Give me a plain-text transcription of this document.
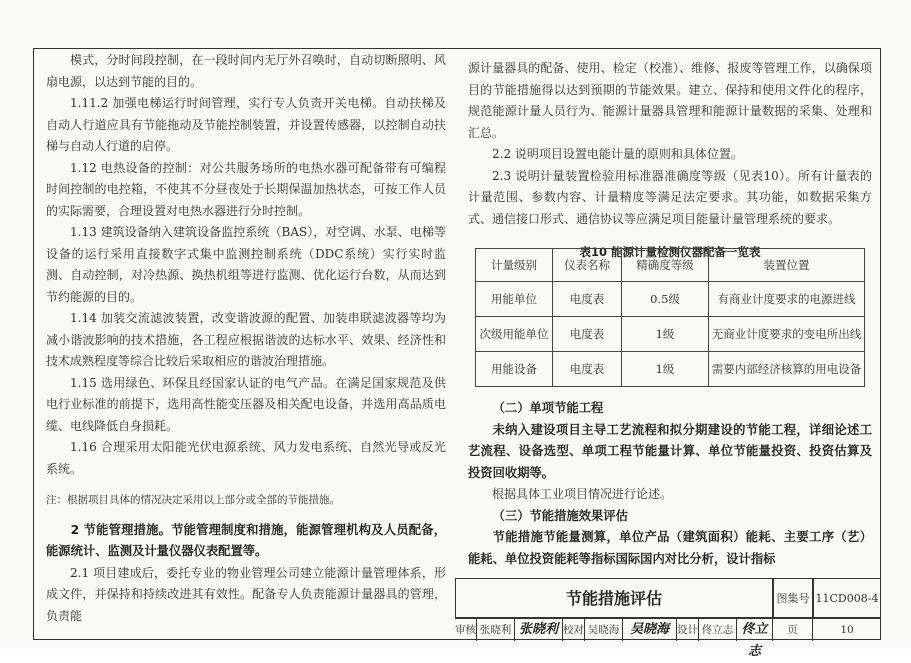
模式，分时间段控制，在一段时间内无厅外召唤时，自动切断照明、风扇电源，以达到节能的目的。

1.11.2 加强电梯运行时间管理，实行专人负责开关电梯。自动扶梯及自动人行道应具有节能拖动及节能控制装置，并设置传感器，以控制自动扶梯与自动人行道的启停。

1.12 电热设备的控制：对公共服务场所的电热水器可配备带有可编程时间控制的电控箱，不使其不分昼夜处于长期保温加热状态，可按工作人员的实际需要，合理设置对电热水器进行分时控制。

1.13 建筑设备纳入建筑设备监控系统（BAS），对空调、水泵、电梯等设备的运行采用直接数字式集中监测控制系统（DDC系统）实行实时监测、自动控制，对冷热源、换热机组等进行监测、优化运行台数，从而达到节约能源的目的。

1.14 加装交流滤波装置，改变谐波源的配置、加装串联滤波器等均为减小谐波影响的技术措施，各工程应根据谐波的达标水平、效果、经济性和技术成熟程度等综合比较后采取相应的谐波治理措施。

1.15 选用绿色、环保且经国家认证的电气产品。在满足国家规范及供电行业标准的前提下，选用高性能变压器及相关配电设备，并选用高品质电缆、电线降低自身损耗。

1.16 合理采用太阳能光伏电源系统、风力发电系统、自然光导或反光系统。

注：根据项目具体的情况决定采用以上部分或全部的节能措施。

2 节能管理措施。节能管理制度和措施，能源管理机构及人员配备，能源统计、监测及计量仪器仪表配置等。

2.1 项目建成后，委托专业的物业管理公司建立能源计量管理体系，形成文件，并保持和持续改进其有效性。配备专人负责能源计量器具的管理，负责能

源计量器具的配备、使用、检定（校准）、维修、报废等管理工作，以确保项目的节能措施得以达到预期的节能效果。建立、保持和使用文件化的程序，规范能源计量人员行为、能源计量器具管理和能源计量数据的采集、处理和汇总。

2.2 说明项目设置电能计量的原则和具体位置。

2.3 说明计量装置检验用标准器准确度等级（见表10）。所有计量表的计量范围、参数内容、计量精度等满足法定要求。其功能，如数据采集方式、通信接口形式、通信协议等应满足项目能量计量管理系统的要求。

表10 能源计量检测仪器配备一览表

计量级别	仪表名称	精确度等级	装置位置
用能单位	电度表	0.5级	有商业计度要求的电源进线
次级用能单位	电度表	1级	无商业计度要求的变电所出线
用能设备	电度表	1级	需要内部经济核算的用电设备

（二）单项节能工程

未纳入建设项目主导工艺流程和拟分期建设的节能工程，详细论述工艺流程、设备选型、单项工程节能量计算、单位节能量投资、投资估算及投资回收期等。

根据具体工业项目情况进行论述。

（三）节能措施效果评估

节能措施节能量测算，单位产品（建筑面积）能耗、主要工序（艺）能耗、单位投资能耗等指标国际国内对比分析，设计指标

节能措施评估	图集号 11CD008-4
审核 张晓利 张晓利 校对 吴晓海 吴晓海 设计 佟立志 佟立志
页	10
